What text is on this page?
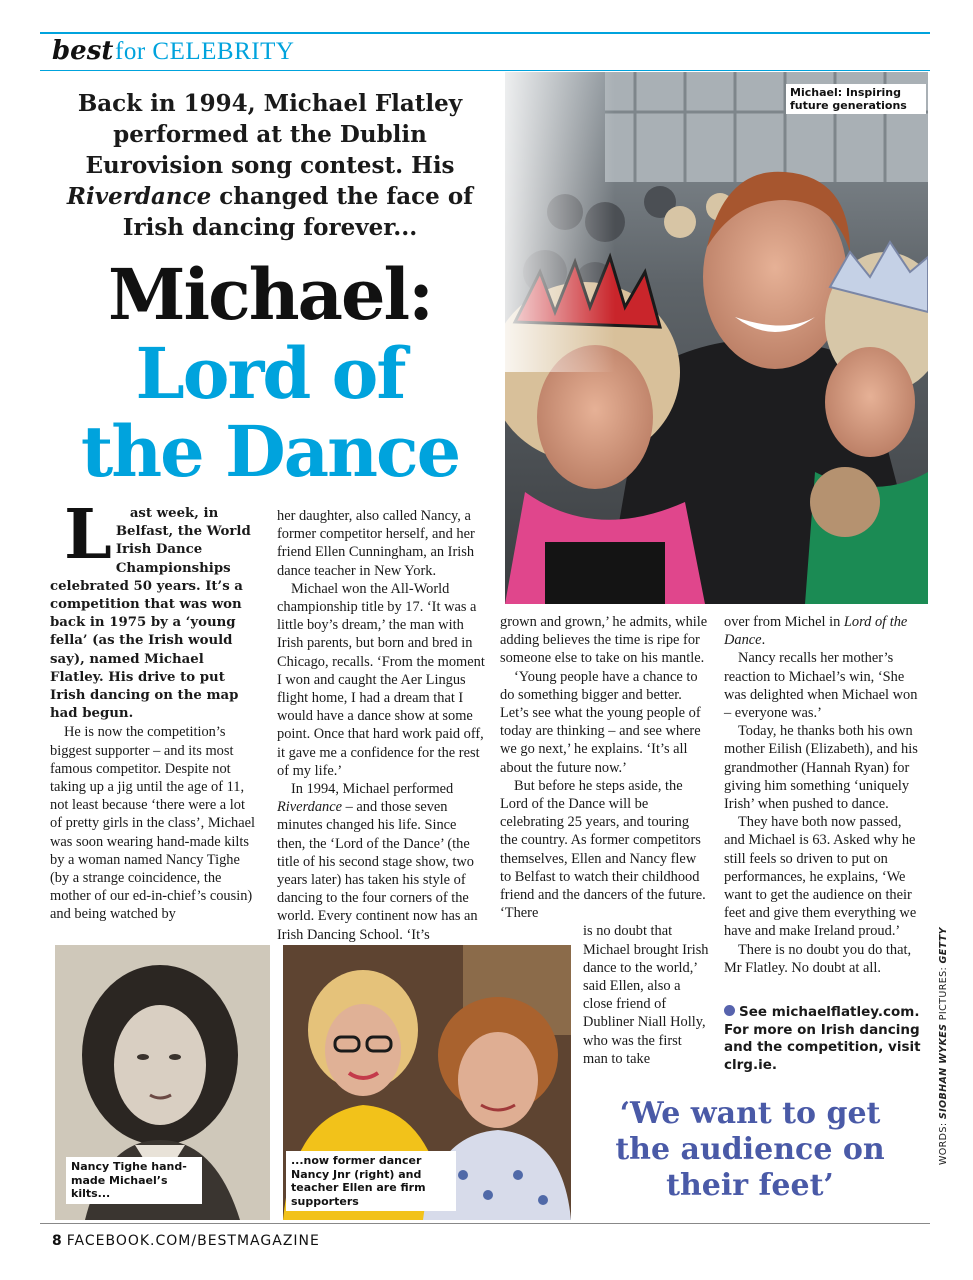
best for CELEBRITY
Back in 1994, Michael Flatley performed at the Dublin Eurovision song contest. His Riverdance changed the face of Irish dancing forever...
Michael:
Lord of
the Dance
Michael: Inspiring future generations

L ast week, in Belfast, the World Irish Dance Championships celebrated 50 years. It’s a competition that was won back in 1975 by a ‘young fella’ (as the Irish would say), named Michael Flatley. His drive to put Irish dancing on the map had begun.

He is now the competition’s biggest supporter – and its most famous competitor. Despite not taking up a jig until the age of 11, not least because ‘there were a lot of pretty girls in the class’, Michael was soon wearing hand-made kilts by a woman named Nancy Tighe (by a strange coincidence, the mother of our ed-in-chief’s cousin) and being watched by

her daughter, also called Nancy, a former competitor herself, and her friend Ellen Cunningham, an Irish dance teacher in New York.

Michael won the All-World championship title by 17. ‘It was a little boy’s dream,’ the man with Irish parents, but born and bred in Chicago, recalls. ‘From the moment I won and caught the Aer Lingus flight home, I had a dream that I would have a dance show at some point. Once that hard work paid off, it gave me a confidence for the rest of my life.’

In 1994, Michael performed Riverdance – and those seven minutes changed his life. Since then, the ‘Lord of the Dance’ (the title of his second stage show, two years later) has taken his style of dancing to the four corners of the world. Every continent now has an Irish Dancing School. ‘It’s

grown and grown,’ he admits, while adding believes the time is ripe for someone else to take on his mantle.

‘Young people have a chance to do something bigger and better. Let’s see what the young people of today are thinking – and see where we go next,’ he explains. ‘It’s all about the future now.’

But before he steps aside, the Lord of the Dance will be celebrating 25 years, and touring the country. As former competitors themselves, Ellen and Nancy flew to Belfast to watch their childhood friend and the dancers of the future. ‘There

is no doubt that Michael brought Irish dance to the world,’ said Ellen, also a close friend of Dubliner Niall Holly, who was the first man to take

over from Michel in Lord of the Dance.

Nancy recalls her mother’s reaction to Michael’s win, ‘She was delighted when Michael won – everyone was.’

Today, he thanks both his own mother Eilish (Elizabeth), and his grandmother (Hannah Ryan) for giving him something ‘uniquely Irish’ when pushed to dance.

They have both now passed, and Michael is 63. Asked why he still feels so driven to put on performances, he explains, ‘We want to get the audience on their feet and give them everything we have and make Ireland proud.’

There is no doubt you do that, Mr Flatley. No doubt at all.

See michaelflatley.com. For more on Irish dancing and the competition, visit clrg.ie.
Nancy Tighe hand-made Michael’s kilts...
...now former dancer Nancy Jnr (right) and teacher Ellen are firm supporters
‘We want to get the audience on their feet’
WORDS: SIOBHAN WYKES PICTURES: GETTY
8 FACEBOOK.COM/BESTMAGAZINE
